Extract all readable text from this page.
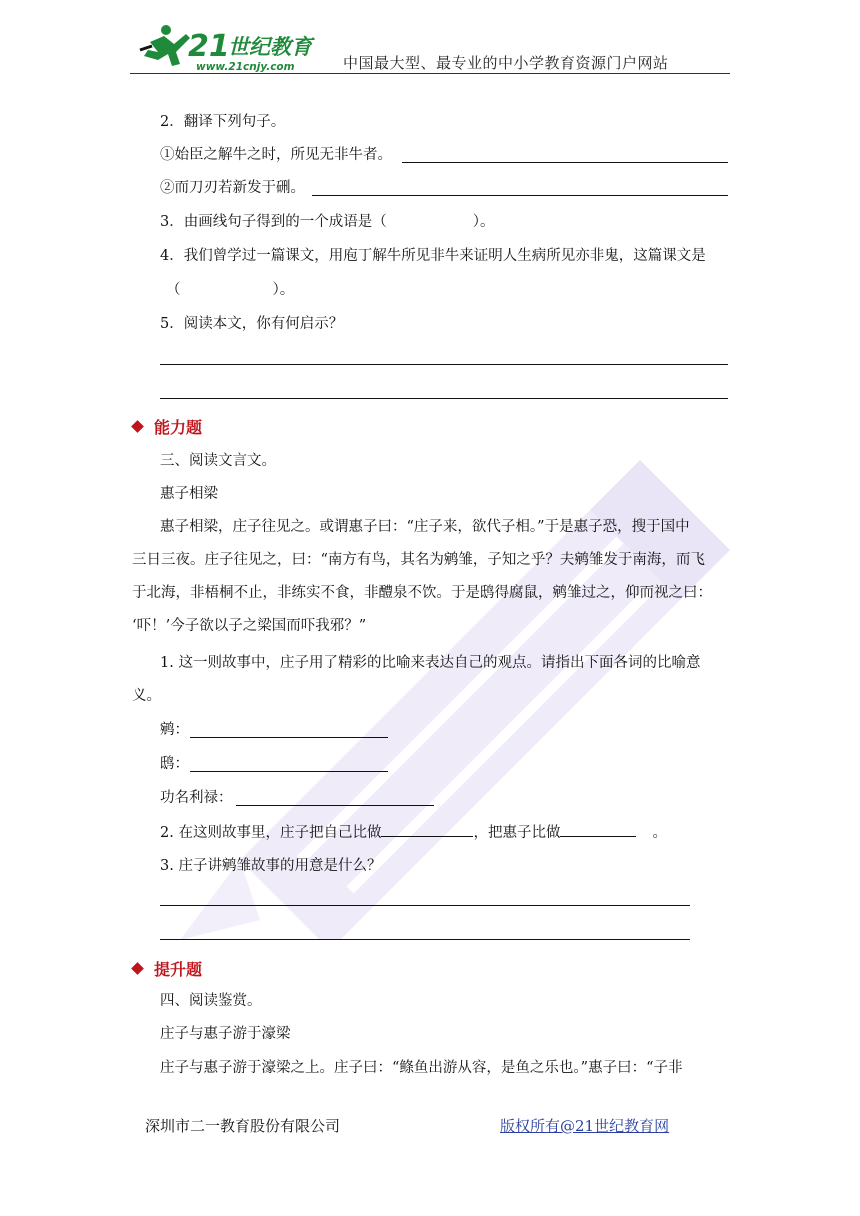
21
世纪教育
www.21cnjy.com	中国最大型、最专业的中小学教育资源门户网站
2．翻译下列句子。
①始臣之解牛之时，所见无非牛者。
②而刀刃若新发于硎。
3．由画线句子得到的一个成语是（	）。
4．我们曾学过一篇课文，用庖丁解牛所见非牛来证明人生病所见亦非鬼，这篇课文是
（	）。
5．阅读本文，你有何启示？
能力题
三、阅读文言文。
惠子相梁
惠子相梁，庄子往见之。或谓惠子曰：“庄子来，欲代子相。”于是惠子恐，搜于国中
三日三夜。庄子往见之，曰：“南方有鸟，其名为鹓雏，子知之乎？夫鹓雏发于南海，而飞
于北海，非梧桐不止，非练实不食，非醴泉不饮。于是鸱得腐鼠，鹓雏过之，仰而视之曰：
‘吓！’今子欲以子之梁国而吓我邪？”
1. 这一则故事中，庄子用了精彩的比喻来表达自己的观点。请指出下面各词的比喻意
义。
鹓：
鸱：
功名利禄：
2. 在这则故事里，庄子把自己比做	，把惠子比做	。
3. 庄子讲鹓雏故事的用意是什么？
提升题
四、阅读鉴赏。
庄子与惠子游于濠梁
庄子与惠子游于濠梁之上。庄子曰：“鲦鱼出游从容，是鱼之乐也。”惠子曰：“子非
深圳市二一教育股份有限公司	版权所有@21世纪教育网
